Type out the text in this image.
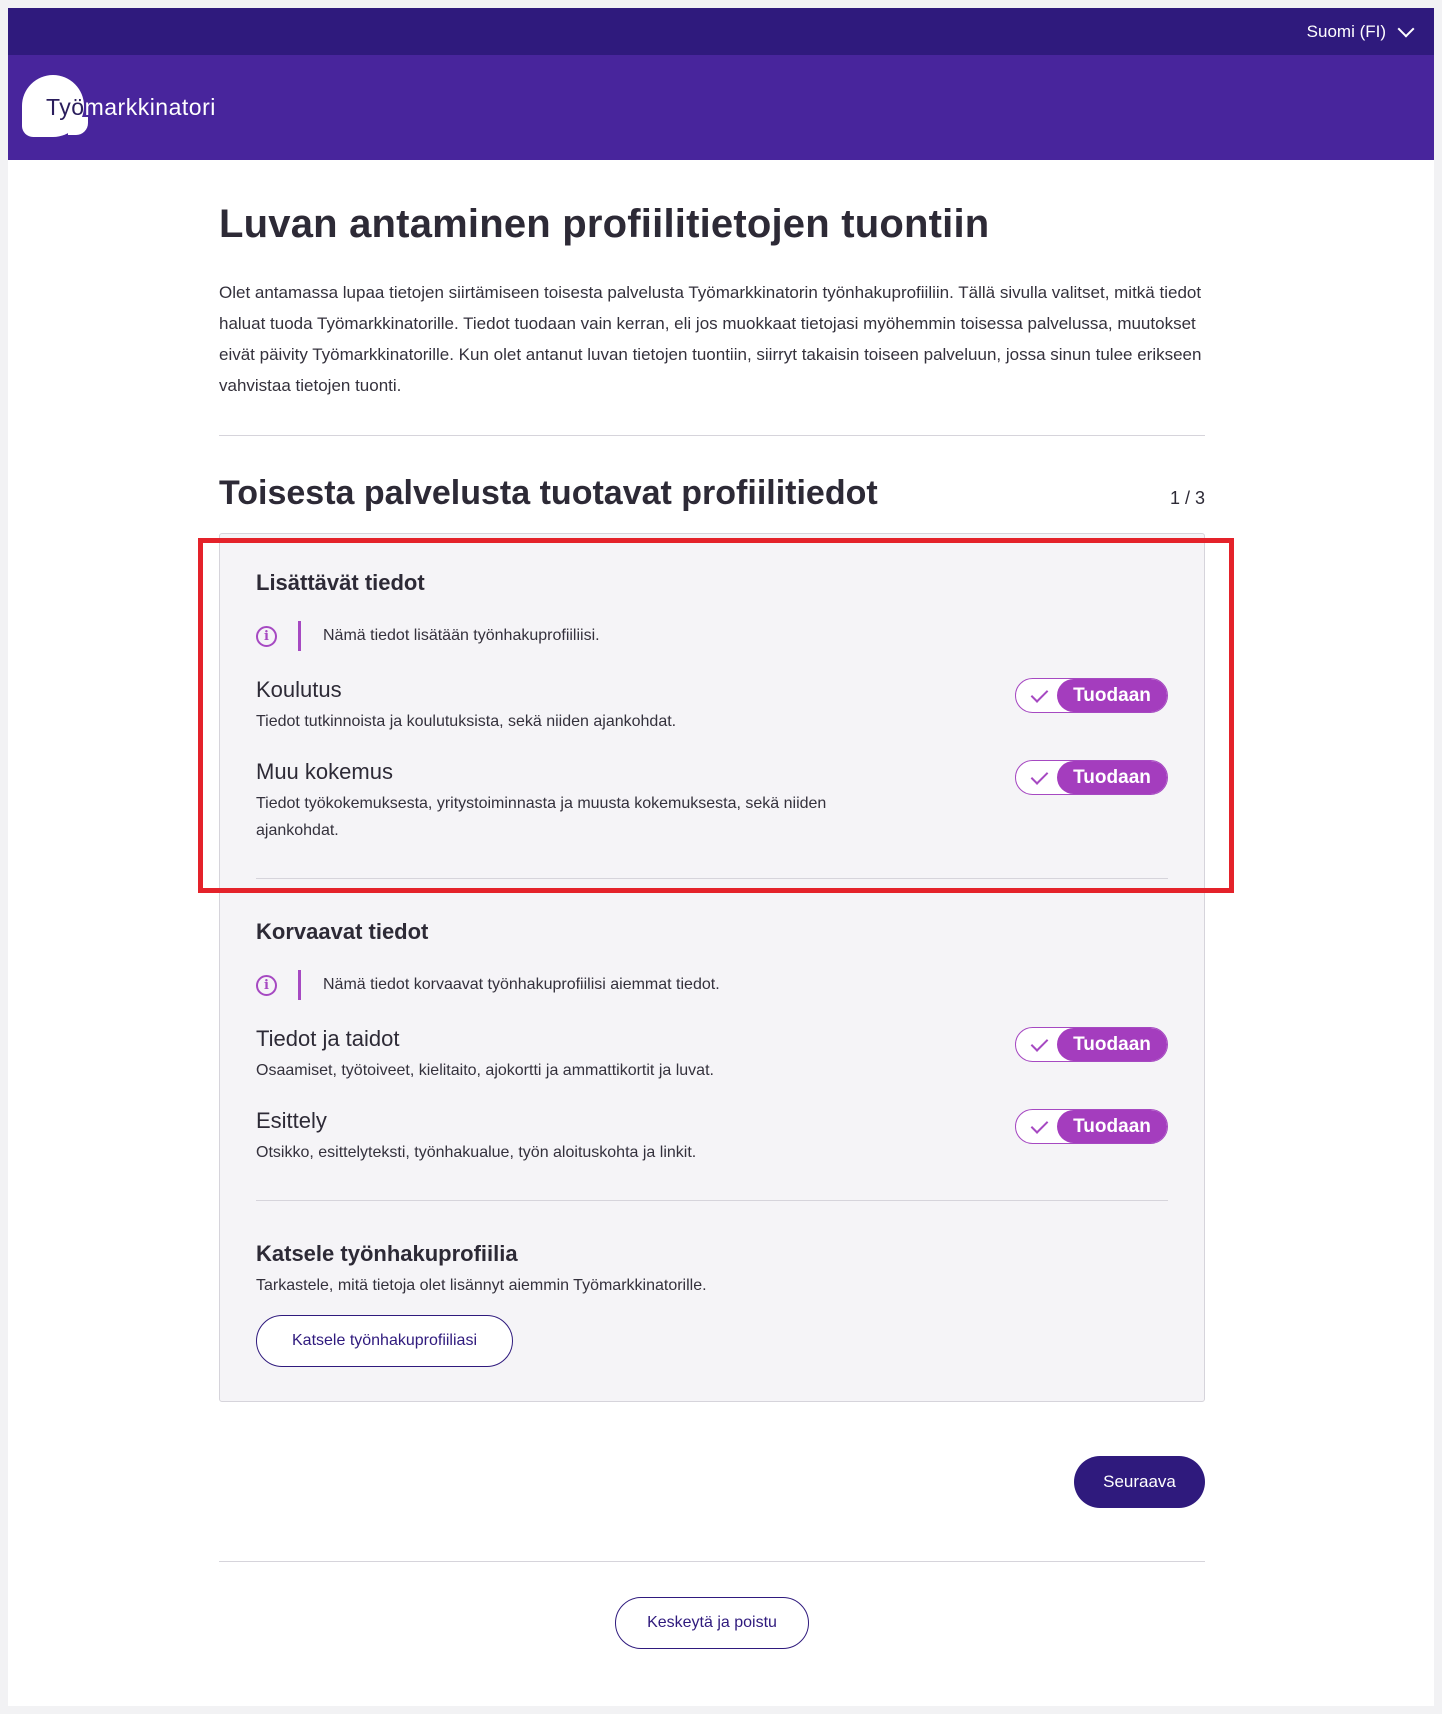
Suomi (FI)
Työmarkkinatori
Luvan antaminen profiilitietojen tuontiin

Olet antamassa lupaa tietojen siirtämiseen toisesta palvelusta Työmarkkinatorin työnhakuprofiiliin. Tällä sivulla valitset, mitkä tiedot haluat tuoda Työmarkkinatorille. Tiedot tuodaan vain kerran, eli jos muokkaat tietojasi myöhemmin toisessa palvelussa, muutokset eivät päivity Työmarkkinatorille. Kun olet antanut luvan tietojen tuontiin, siirryt takaisin toiseen palveluun, jossa sinun tulee erikseen vahvistaa tietojen tuonti.

Toisesta palvelusta tuotavat profiilitiedot	1 / 3
Lisättävät tiedot
i	Nämä tiedot lisätään työnhakuprofiiliisi.
Koulutus
Tiedot tutkinnoista ja koulutuksista, sekä niiden ajankohdat.
Tuodaan
Muu kokemus
Tiedot työkokemuksesta, yritystoiminnasta ja muusta kokemuksesta, sekä niiden ajankohdat.
Tuodaan
Korvaavat tiedot
i	Nämä tiedot korvaavat työnhakuprofiilisi aiemmat tiedot.
Tiedot ja taidot
Osaamiset, työtoiveet, kielitaito, ajokortti ja ammattikortit ja luvat.
Tuodaan
Esittely
Otsikko, esittelyteksti, työnhakualue, työn aloituskohta ja linkit.
Tuodaan
Katsele työnhakuprofiilia
Tarkastele, mitä tietoja olet lisännyt aiemmin Työmarkkinatorille.
Katsele työnhakuprofiiliasi
Seuraava
Keskeytä ja poistu
